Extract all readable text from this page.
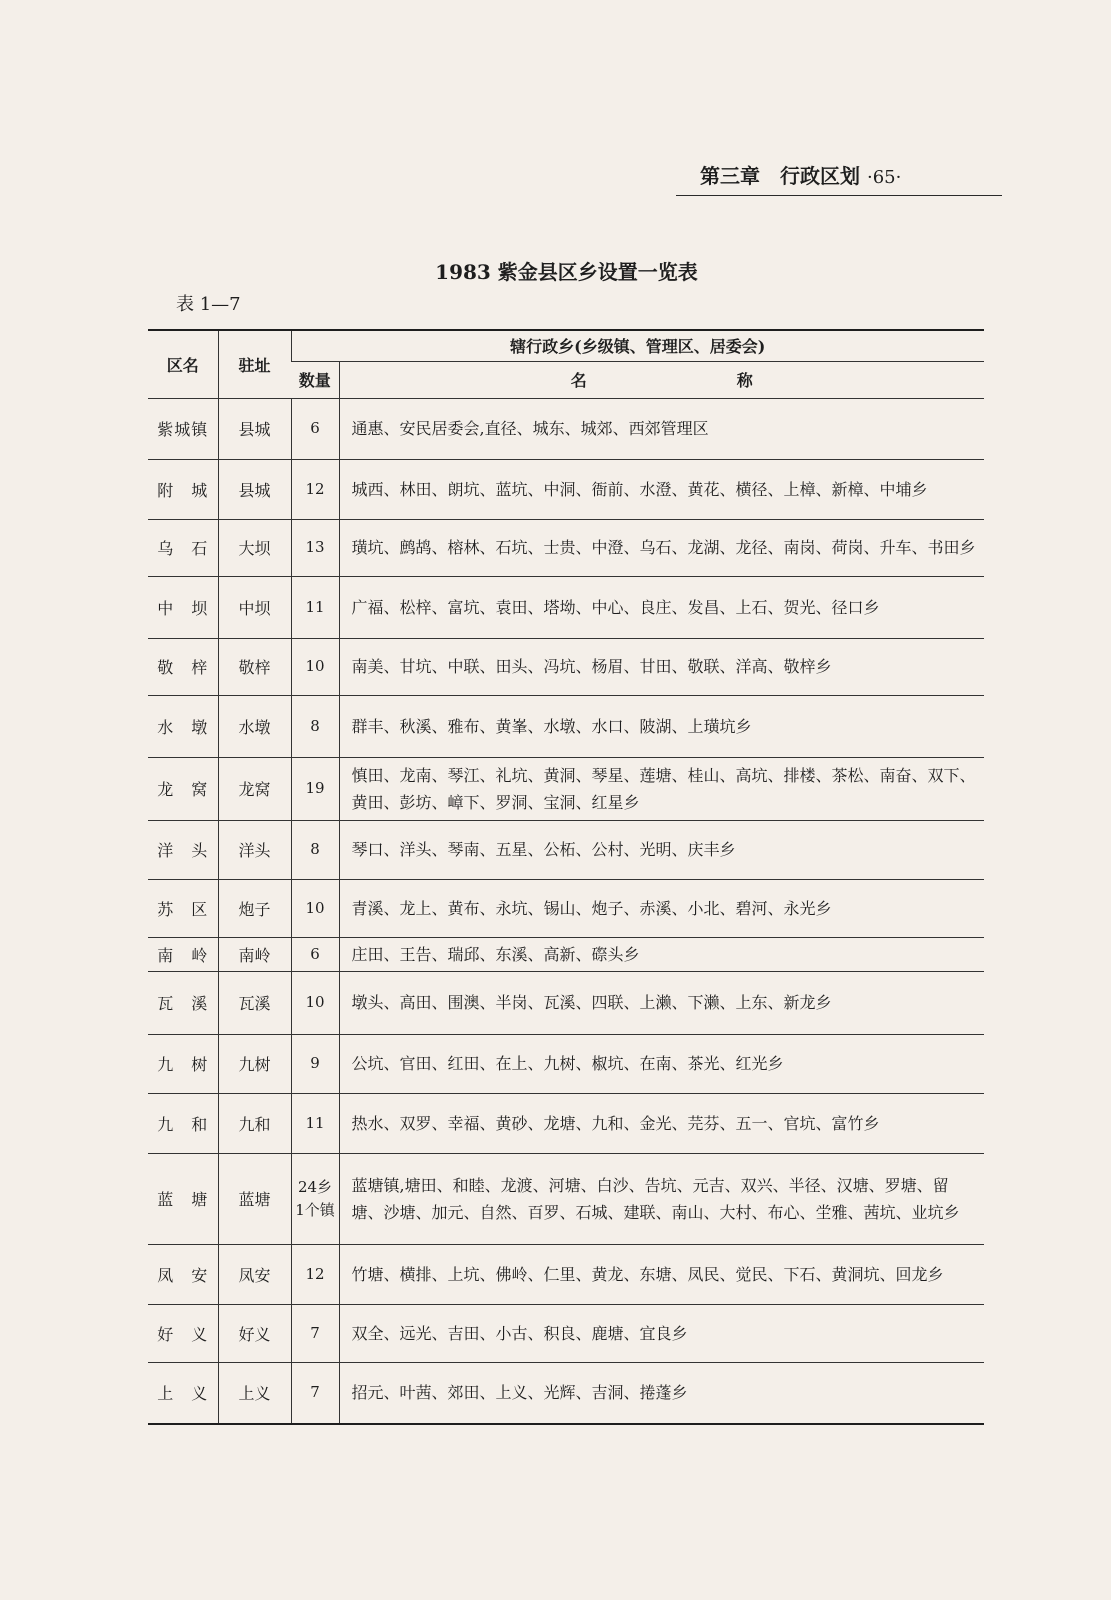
第三章　行政区划 ·65·
1983 紫金县区乡设置一览表
表 1—7
区名	驻址	辖行政乡(乡级镇、管理区、居委会)	
		数量	名 称
紫城镇	县城	6	通惠、安民居委会,直径、城东、城郊、西郊管理区
附　城	县城	12	城西、林田、朗坑、蓝坑、中洞、衙前、水澄、黄花、横径、上樟、新樟、中埔乡
乌　石	大坝	13	璜坑、鹧鸪、榕林、石坑、士贵、中澄、乌石、龙湖、龙径、南岗、荷岗、升车、书田乡
中　坝	中坝	11	广福、松梓、富坑、袁田、塔坳、中心、良庄、发昌、上石、贺光、径口乡
敬　梓	敬梓	10	南美、甘坑、中联、田头、冯坑、杨眉、甘田、敬联、洋高、敬梓乡
水　墩	水墩	8	群丰、秋溪、雅布、黄峯、水墩、水口、陂湖、上璜坑乡
龙　窝	龙窝	19	慎田、龙南、琴江、礼坑、黄洞、琴星、莲塘、桂山、高坑、排楼、茶松、南奋、双下、黄田、彭坊、嶂下、罗洞、宝洞、红星乡
洋　头	洋头	8	琴口、洋头、琴南、五星、公柘、公村、光明、庆丰乡
苏　区	炮子	10	青溪、龙上、黄布、永坑、锡山、炮子、赤溪、小北、碧河、永光乡
南　岭	南岭	6	庄田、王告、瑞邱、东溪、高新、磜头乡
瓦　溪	瓦溪	10	墩头、高田、围澳、半岗、瓦溪、四联、上濑、下濑、上东、新龙乡
九　树	九树	9	公坑、官田、红田、在上、九树、椒坑、在南、茶光、红光乡
九　和	九和	11	热水、双罗、幸福、黄砂、龙塘、九和、金光、芫芬、五一、官坑、富竹乡
蓝　塘	蓝塘	24乡 1个镇	蓝塘镇,塘田、和睦、龙渡、河塘、白沙、告坑、元吉、双兴、半径、汉塘、罗塘、留塘、沙塘、加元、自然、百罗、石城、建联、南山、大村、布心、坣雅、茜坑、业坑乡
凤　安	凤安	12	竹塘、横排、上坑、佛岭、仁里、黄龙、东塘、凤民、觉民、下石、黄洞坑、回龙乡
好　义	好义	7	双全、远光、吉田、小古、积良、鹿塘、宜良乡
上　义	上义	7	招元、叶茜、郊田、上义、光辉、吉洞、捲蓬乡
